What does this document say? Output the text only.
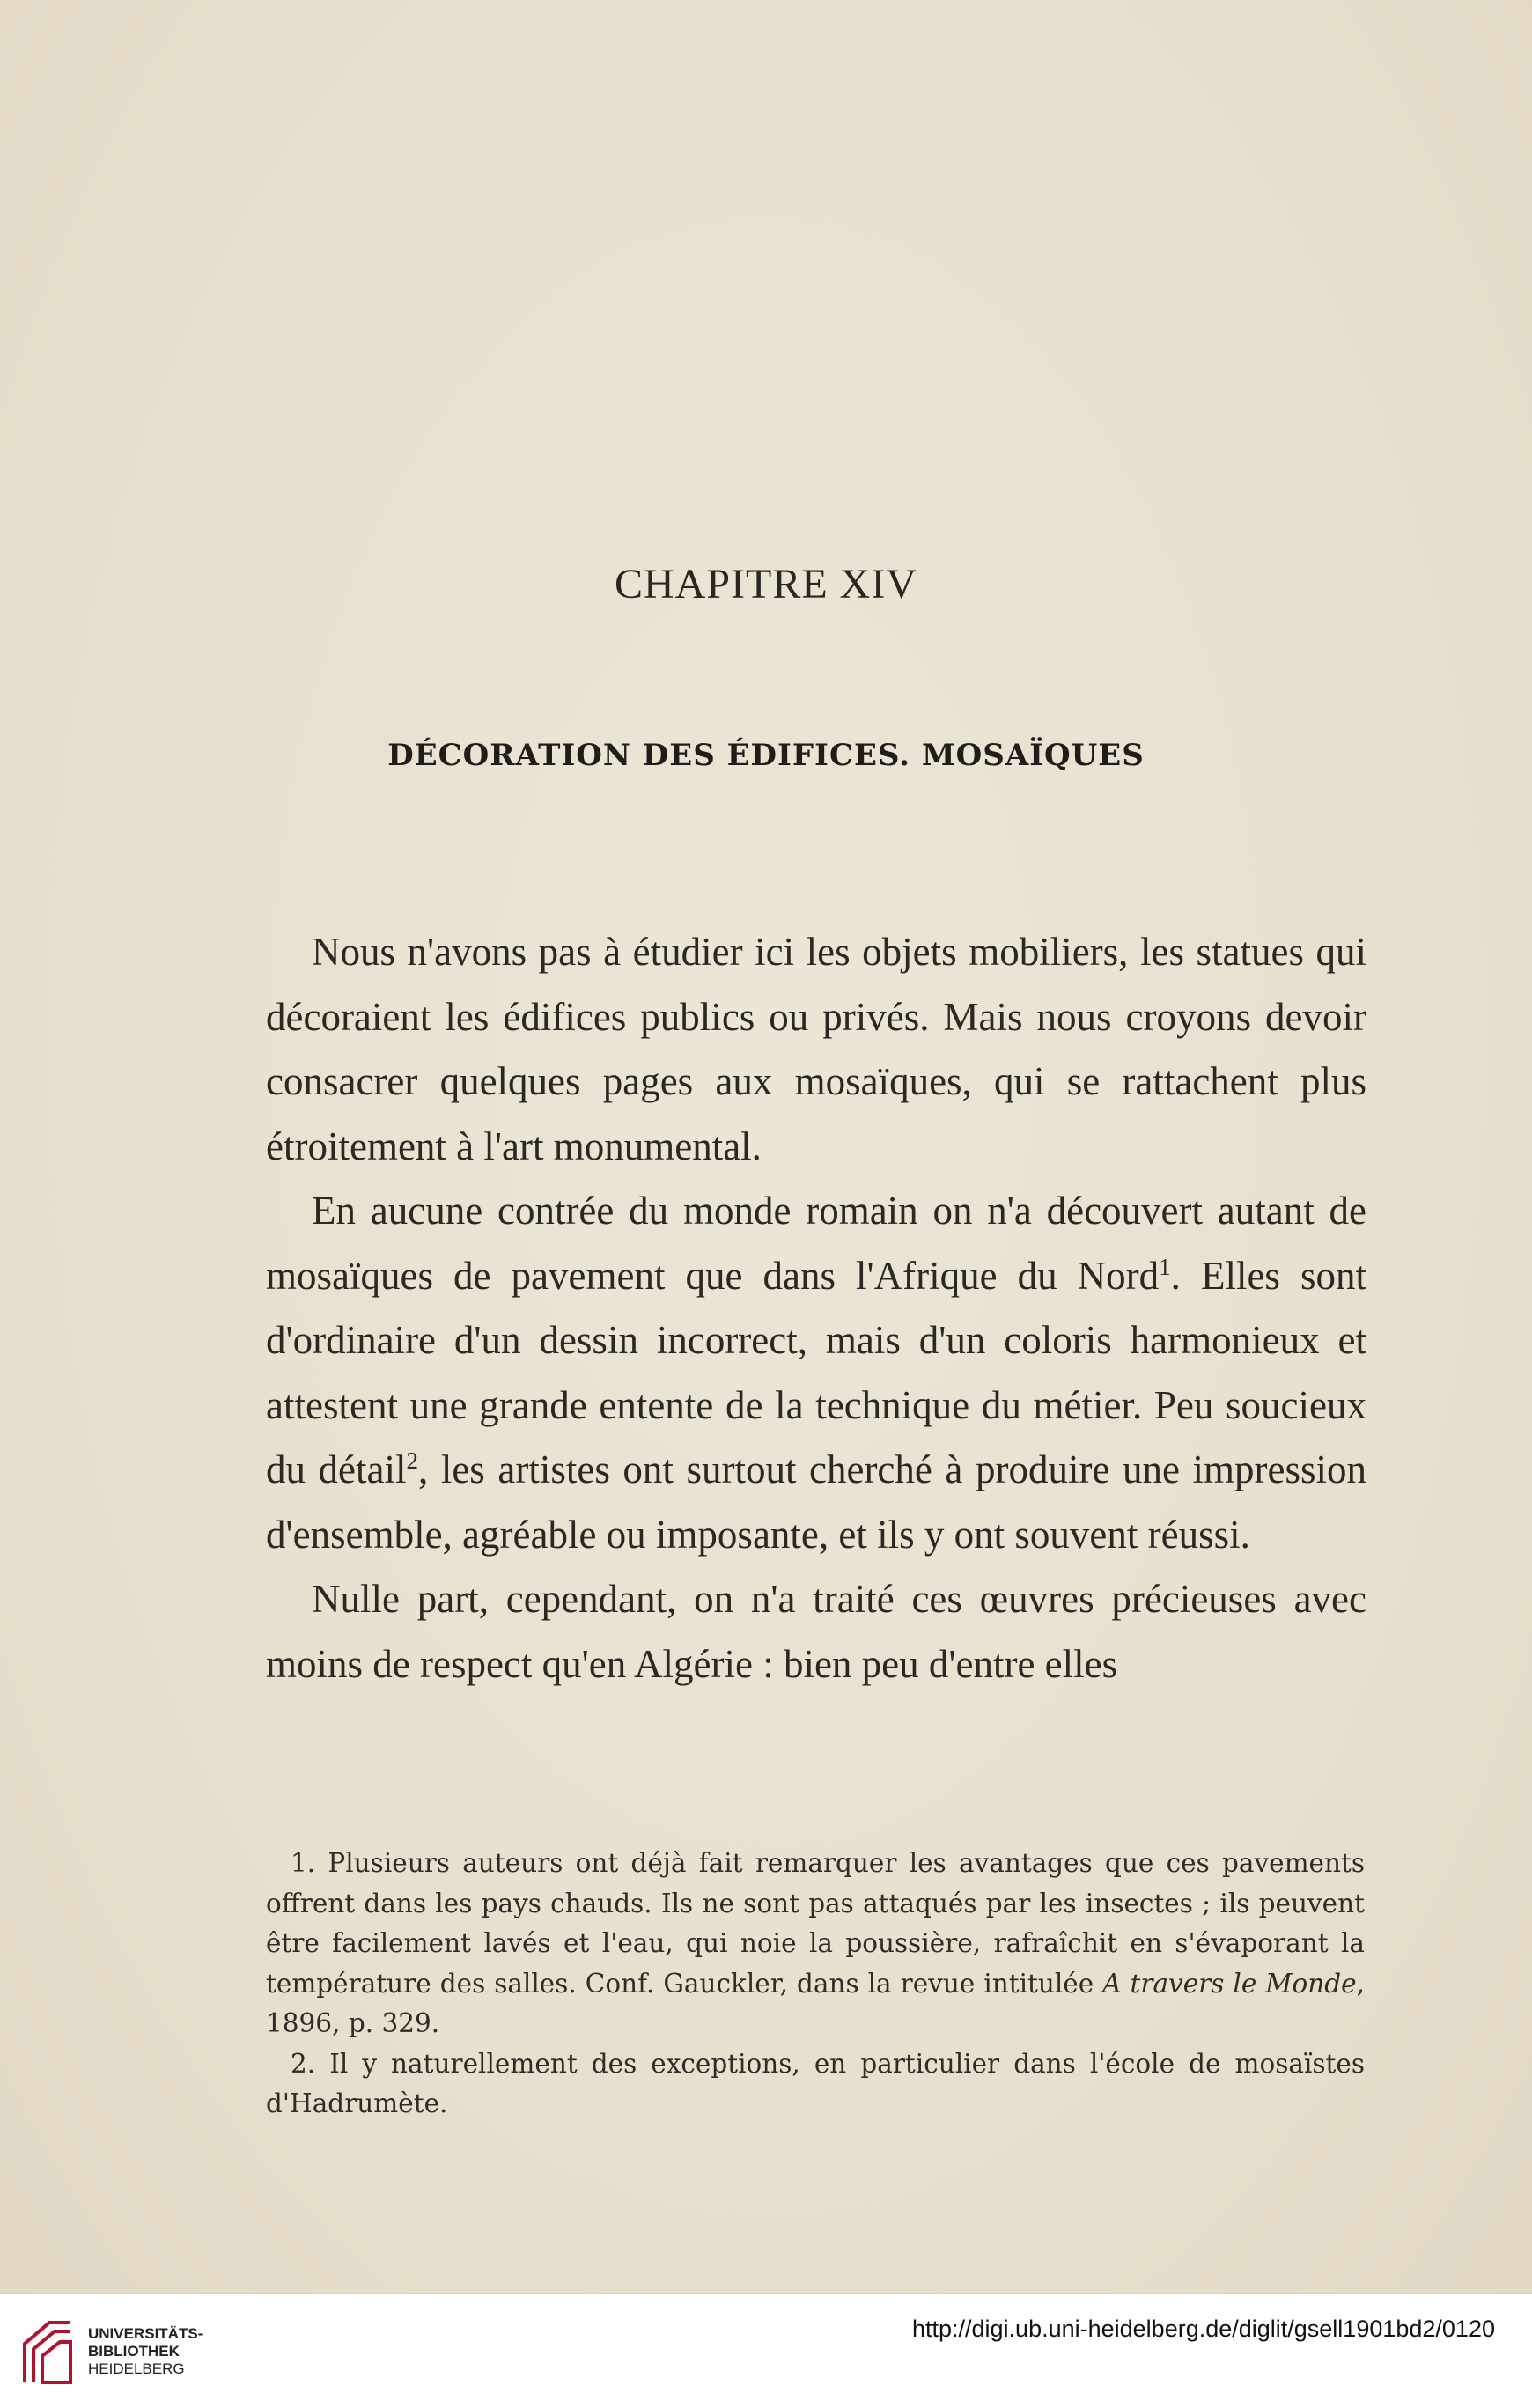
CHAPITRE XIV
DÉCORATION DES ÉDIFICES. MOSAÏQUES

Nous n'avons pas à étudier ici les objets mobiliers, les statues qui décoraient les édifices publics ou privés. Mais nous croyons devoir consacrer quelques pages aux mosaïques, qui se rattachent plus étroitement à l'art monumental.

En aucune contrée du monde romain on n'a découvert autant de mosaïques de pavement que dans l'Afrique du Nord$^1$. Elles sont d'ordinaire d'un dessin incorrect, mais d'un coloris harmonieux et attestent une grande entente de la technique du métier. Peu soucieux du détail$^2$, les artistes ont surtout cherché à produire une impression d'ensemble, agréable ou imposante, et ils y ont souvent réussi.

Nulle part, cependant, on n'a traité ces œuvres précieuses avec moins de respect qu'en Algérie : bien peu d'entre elles

1. Plusieurs auteurs ont déjà fait remarquer les avantages que ces pavements offrent dans les pays chauds. Ils ne sont pas attaqués par les insectes ; ils peuvent être facilement lavés et l'eau, qui noie la poussière, rafraîchit en s'évaporant la température des salles. Conf. Gauckler, dans la revue intitulée A travers le Monde, 1896, p. 329.

2. Il y naturellement des exceptions, en particulier dans l'école de mosaïstes d'Hadrumète.

UNIVERSITÄTS-
BIBLIOTHEK
HEIDELBERG
http://digi.ub.uni-heidelberg.de/diglit/gsell1901bd2/0120
